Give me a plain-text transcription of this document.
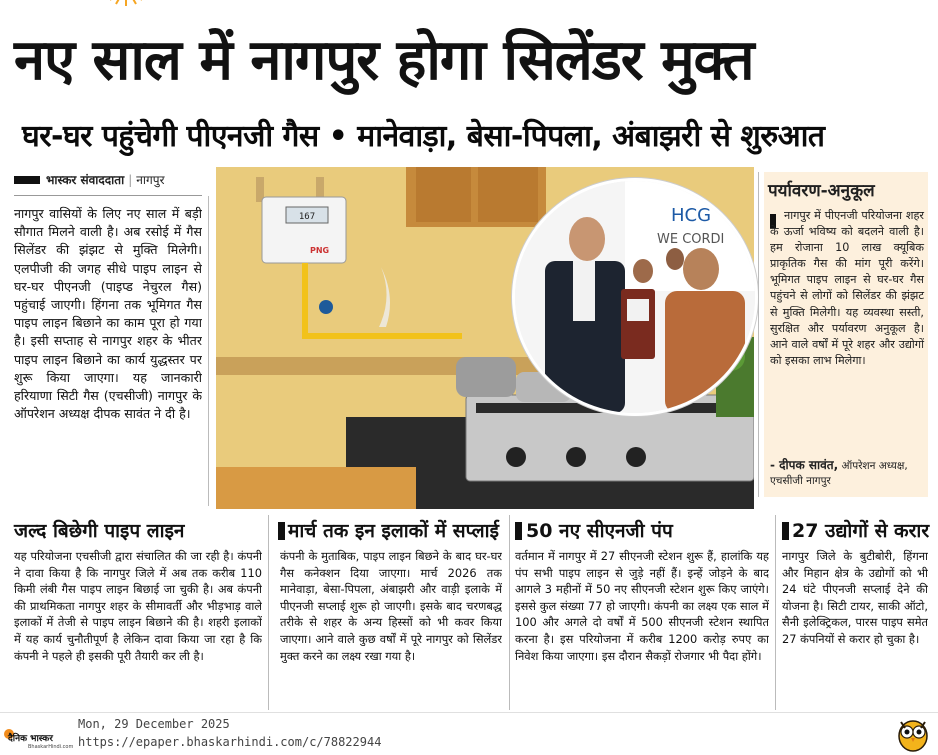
नए साल में नागपुर होगा सिलेंडर मुक्त
घर-घर पहुंचेगी पीएनजी गैस • मानेवाड़ा, बेसा-पिपला, अंबाझरी से शुरुआत
भास्कर संवाददाता | नागपुर
नागपुर वासियों के लिए नए साल में बड़ी सौगात मिलने वाली है। अब रसोई में गैस सिलेंडर की झंझट से मुक्ति मिलेगी। एलपीजी की जगह सीधे पाइप लाइन से घर-घर पीएनजी (पाइप्ड नेचुरल गैस) पहुंचाई जाएगी। हिंगना तक भूमिगत गैस पाइप लाइन बिछाने का काम पूरा हो गया है। इसी सप्ताह से नागपुर शहर के भीतर पाइप लाइन बिछाने का कार्य युद्धस्तर पर शुरू किया जाएगा। यह जानकारी हरियाणा सिटी गैस (एचसीजी) नागपुर के ऑपरेशन अध्यक्ष दीपक सावंत ने दी है।
167
PNG
HCG
WE CORDI
पर्यावरण-अनुकूल
नागपुर में पीएनजी परियोजना शहर के ऊर्जा भविष्य को बदलने वाली है। हम रोजाना 10 लाख क्यूबिक प्राकृतिक गैस की मांग पूरी करेंगे। भूमिगत पाइप लाइन से घर-घर गैस पहुंचने से लोगों को सिलेंडर की झंझट से मुक्ति मिलेगी। यह व्यवस्था सस्ती, सुरक्षित और पर्यावरण अनुकूल है। आने वाले वर्षों में पूरे शहर और उद्योगों को इसका लाभ मिलेगा।
- दीपक सावंत, ऑपरेशन अध्यक्ष, एचसीजी नागपुर
जल्द बिछेगी पाइप लाइन
यह परियोजना एचसीजी द्वारा संचालित की जा रही है। कंपनी ने दावा किया है कि नागपुर जिले में अब तक करीब 110 किमी लंबी गैस पाइप लाइन बिछाई जा चुकी है। अब कंपनी की प्राथमिकता नागपुर शहर के सीमावर्ती और भीड़भाड़ वाले इलाकों में तेजी से पाइप लाइन बिछाने की है। शहरी इलाकों में यह कार्य चुनौतीपूर्ण है लेकिन दावा किया जा रहा है कि कंपनी ने पहले ही इसकी पूरी तैयारी कर ली है।
मार्च तक इन इलाकों में सप्लाई
कंपनी के मुताबिक, पाइप लाइन बिछने के बाद घर-घर गैस कनेक्शन दिया जाएगा। मार्च 2026 तक मानेवाड़ा, बेसा-पिपला, अंबाझरी और वाड़ी इलाके में पीएनजी सप्लाई शुरू हो जाएगी। इसके बाद चरणबद्ध तरीके से शहर के अन्य हिस्सों को भी कवर किया जाएगा। आने वाले कुछ वर्षों में पूरे नागपुर को सिलेंडर मुक्त करने का लक्ष्य रखा गया है।
50 नए सीएनजी पंप
वर्तमान में नागपुर में 27 सीएनजी स्टेशन शुरू हैं, हालांकि यह पंप सभी पाइप लाइन से जुड़े नहीं हैं। इन्हें जोड़ने के बाद आगले 3 महीनों में 50 नए सीएनजी स्टेशन शुरू किए जाएंगे। इससे कुल संख्या 77 हो जाएगी। कंपनी का लक्ष्य एक साल में 100 और अगले दो वर्षों में 500 सीएनजी स्टेशन स्थापित करना है। इस परियोजना में करीब 1200 करोड़ रुपए का निवेश किया जाएगा। इस दौरान सैकड़ों रोजगार भी पैदा होंगे।
27 उद्योगों से करार
नागपुर जिले के बुटीबोरी, हिंगना और मिहान क्षेत्र के उद्योगों को भी 24 घंटे पीएनजी सप्लाई देने की योजना है। सिटी टायर, साकी ऑटो, सैनी इलेक्ट्रिकल, पारस पाइप समेत 27 कंपनियों से करार हो चुका है।
दैनिक भास्कर
BhaskarHindi.com
Mon, 29 December 2025
https://epaper.bhaskarhindi.com/c/78822944
